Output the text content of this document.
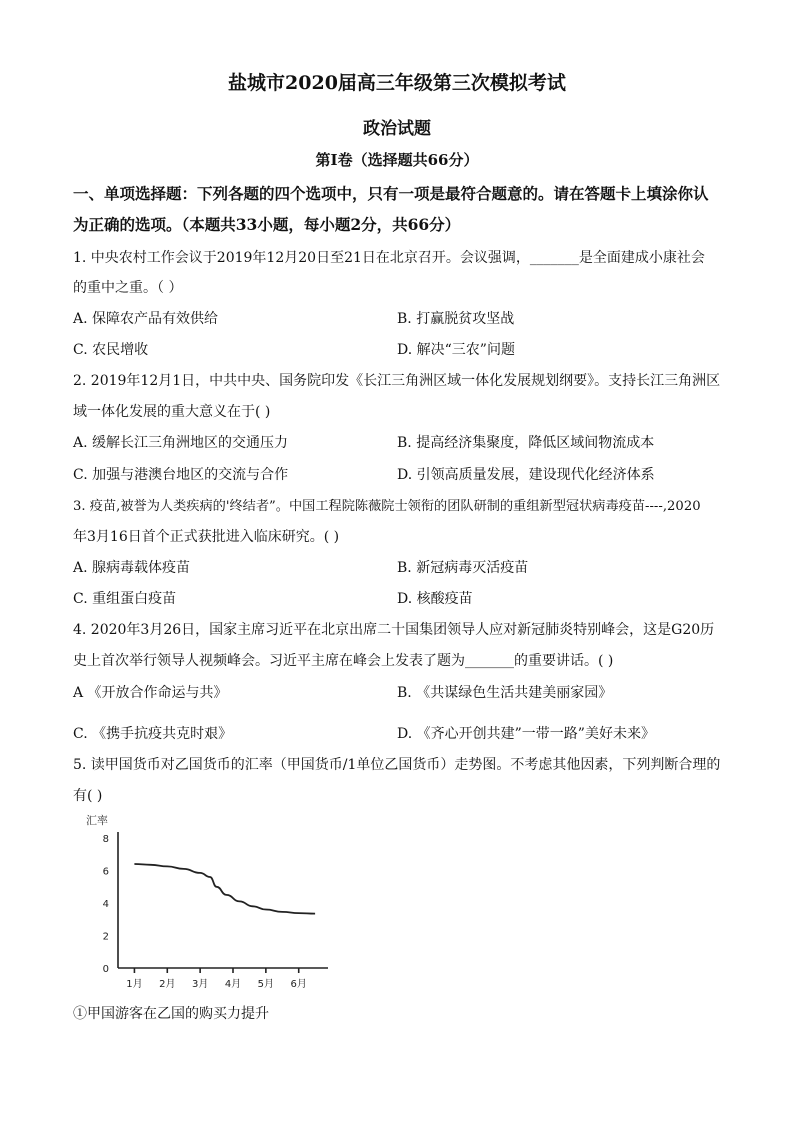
盐城市2020届高三年级第三次模拟考试
政治试题
第Ⅰ卷（选择题共66分）
一、单项选择题：下列各题的四个选项中，只有一项是最符合题意的。请在答题卡上填涂你认为正确的选项。（本题共33小题，每小题2分，共66分）
1. 中央农村工作会议于2019年12月20日至21日在北京召开。会议强调，_______是全面建成小康社会
的重中之重。（ ）
A. 保障农产品有效供给	B. 打赢脱贫攻坚战
C. 农民增收	D. 解决“三农”问题
2. 2019年12月1日，中共中央、国务院印发《长江三角洲区域一体化发展规划纲要》。支持长江三角洲区
域一体化发展的重大意义在于( )
A. 缓解长江三角洲地区的交通压力	B. 提高经济集聚度，降低区域间物流成本
C. 加强与港澳台地区的交流与合作	D. 引领高质量发展，建设现代化经济体系
3. 疫苗,被誉为人类疾病的'终结者”。中国工程院陈薇院士领衔的团队研制的重组新型冠状病毒疫苗----,2020
年3月16日首个正式获批进入临床研究。( )
A. 腺病毒载体疫苗	B. 新冠病毒灭活疫苗
C. 重组蛋白疫苗	D. 核酸疫苗
4. 2020年3月26日，国家主席习近平在北京出席二十国集团领导人应对新冠肺炎特别峰会，这是G20历
史上首次举行领导人视频峰会。习近平主席在峰会上发表了题为_______的重要讲话。( )
A 《开放合作命运与共》	B. 《共谋绿色生活共建美丽家园》
C. 《携手抗疫共克时艰》	D. 《齐心开创共建”一带一路”美好未来》
5. 读甲国货币对乙国货币的汇率（甲国货币/1单位乙国货币）走势图。不考虑其他因素，下列判断合理的
有( )
汇率
0
2
4
6
8
1月 2月 3月 4月 5月 6月
①甲国游客在乙国的购买力提升
